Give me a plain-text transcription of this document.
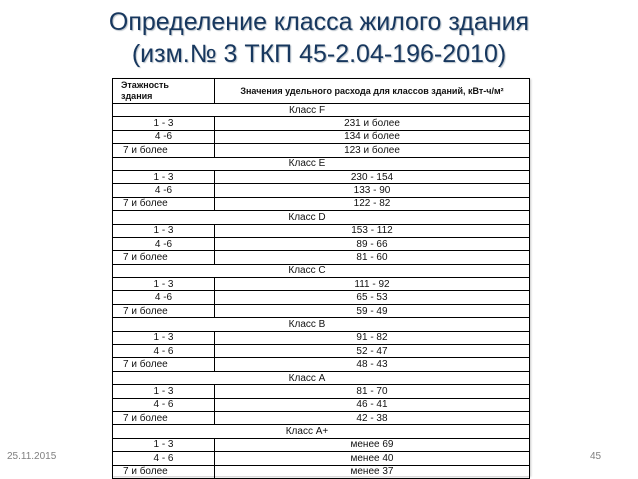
Определение класса жилого здания
(изм.№ 3 ТКП 45-2.04-196-2010)
Этажность
здания	Значения удельного расхода для классов зданий, кВт-ч/м²
Класс F	
1 - 3	231 и более
4 -6	134 и более
7 и более	123 и более
Класс E	
1 - 3	230 - 154
4 -6	133 - 90
7 и более	122 - 82
Класс D	
1 - 3	153 - 112
4 -6	89 - 66
7 и более	81 - 60
Класс С	
1 - 3	111 - 92
4 -6	65 - 53
7 и более	59 - 49
Класс В	
1 - 3	91 - 82
4 - 6	52 - 47
7 и более	48 - 43
Класс А	
1 - 3	81 - 70
4 - 6	46 - 41
7 и более	42 - 38
Класс А+	
1 - 3	менее 69
4 - 6	менее 40
7 и более	менее 37
25.11.2015	45
